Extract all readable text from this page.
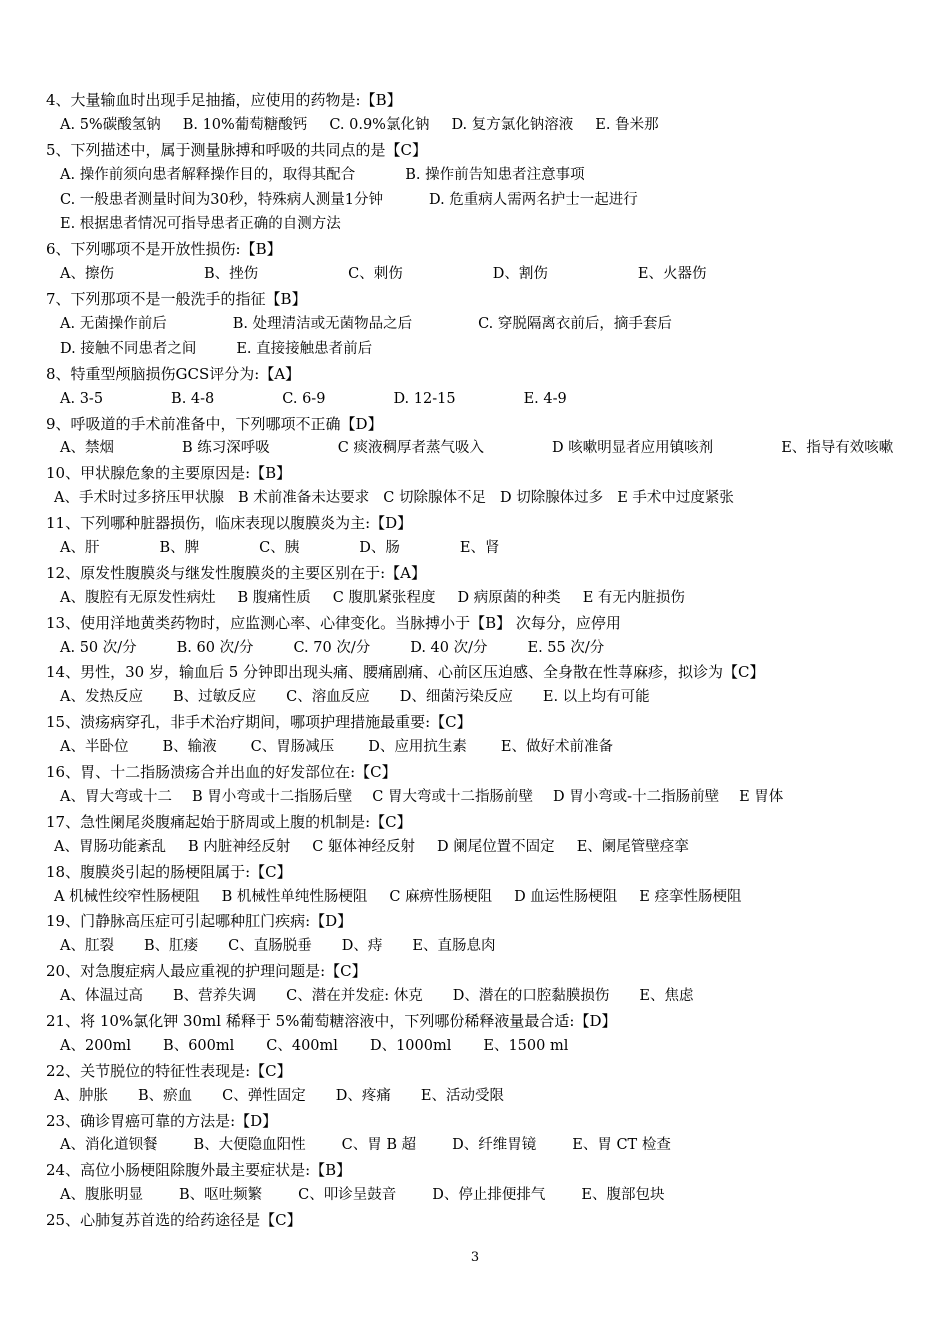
4、大量输血时出现手足抽搐，应使用的药物是:【B】
A. 5%碳酸氢钠 B. 10%葡萄糖酸钙 C. 0.9%氯化钠 D. 复方氯化钠溶液 E. 鲁米那
5、下列描述中，属于测量脉搏和呼吸的共同点的是【C】
A. 操作前须向患者解释操作目的，取得其配合	B. 操作前告知患者注意事项
C. 一般患者测量时间为30秒，特殊病人测量1分钟	D. 危重病人需两名护士一起进行
E. 根据患者情况可指导患者正确的自测方法
6、下列哪项不是开放性损伤:【B】
A、擦伤	B、挫伤	C、刺伤	D、割伤	E、火器伤
7、下列那项不是一般洗手的指征【B】
A. 无菌操作前后	B. 处理清洁或无菌物品之后	C. 穿脱隔离衣前后，摘手套后
D. 接触不同患者之间	E. 直接接触患者前后
8、特重型颅脑损伤GCS评分为:【A】
A. 3-5	B. 4-8	C. 6-9	D. 12-15	E. 4-9
9、呼吸道的手术前准备中，下列哪项不正确【D】
A、禁烟	B 练习深呼吸	C 痰液稠厚者蒸气吸入	D 咳嗽明显者应用镇咳剂	E、指导有效咳嗽
10、甲状腺危象的主要原因是:【B】
A、手术时过多挤压甲状腺 B 术前准备未达要求 C 切除腺体不足 D 切除腺体过多 E 手术中过度紧张
11、下列哪种脏器损伤，临床表现以腹膜炎为主:【D】
A、肝	B、脾	C、胰	D、肠	E、肾
12、原发性腹膜炎与继发性腹膜炎的主要区别在于:【A】
A、腹腔有无原发性病灶 B 腹痛性质 C 腹肌紧张程度 D 病原菌的种类 E 有无内脏损伤
13、使用洋地黄类药物时，应监测心率、心律变化。当脉搏小于【B】 次每分，应停用
A. 50 次/分	B. 60 次/分	C. 70 次/分	D. 40 次/分	E. 55 次/分
14、男性，30 岁，输血后 5 分钟即出现头痛、腰痛剧痛、心前区压迫感、全身散在性荨麻疹，拟诊为【C】
A、发热反应 B、过敏反应 C、溶血反应 D、细菌污染反应 E. 以上均有可能
15、溃疡病穿孔，非手术治疗期间，哪项护理措施最重要:【C】
A、半卧位 B、输液 C、胃肠减压 D、应用抗生素 E、做好术前准备
16、胃、十二指肠溃疡合并出血的好发部位在:【C】
A、胃大弯或十二 B 胃小弯或十二指肠后壁 C 胃大弯或十二指肠前壁 D 胃小弯或-十二指肠前壁 E 胃体
17、急性阑尾炎腹痛起始于脐周或上腹的机制是:【C】
A、胃肠功能紊乱 B 内脏神经反射 C 躯体神经反射 D 阑尾位置不固定 E、阑尾管壁痉挛
18、腹膜炎引起的肠梗阻属于:【C】
A 机械性绞窄性肠梗阻 B 机械性单纯性肠梗阻 C 麻痹性肠梗阻 D 血运性肠梗阻 E 痉挛性肠梗阻
19、门静脉高压症可引起哪种肛门疾病:【D】
A、肛裂 B、肛瘘 C、直肠脱垂 D、痔 E、直肠息肉
20、对急腹症病人最应重视的护理问题是:【C】
A、体温过高 B、营养失调 C、潜在并发症: 休克 D、潜在的口腔黏膜损伤 E、焦虑
21、将 10%氯化钾 30ml 稀释于 5%葡萄糖溶液中，下列哪份稀释液量最合适:【D】
A、200ml B、600ml C、400ml D、1000ml E、1500 ml
22、关节脱位的特征性表现是:【C】
A、肿胀 B、瘀血 C、弹性固定 D、疼痛 E、活动受限
23、确诊胃癌可靠的方法是:【D】
A、消化道钡餐 B、大便隐血阳性 C、胃 B 超 D、纤维胃镜 E、胃 CT 检查
24、高位小肠梗阻除腹外最主要症状是:【B】
A、腹胀明显 B、呕吐频繁 C、叩诊呈鼓音 D、停止排便排气 E、腹部包块
25、心肺复苏首选的给药途径是【C】
3
